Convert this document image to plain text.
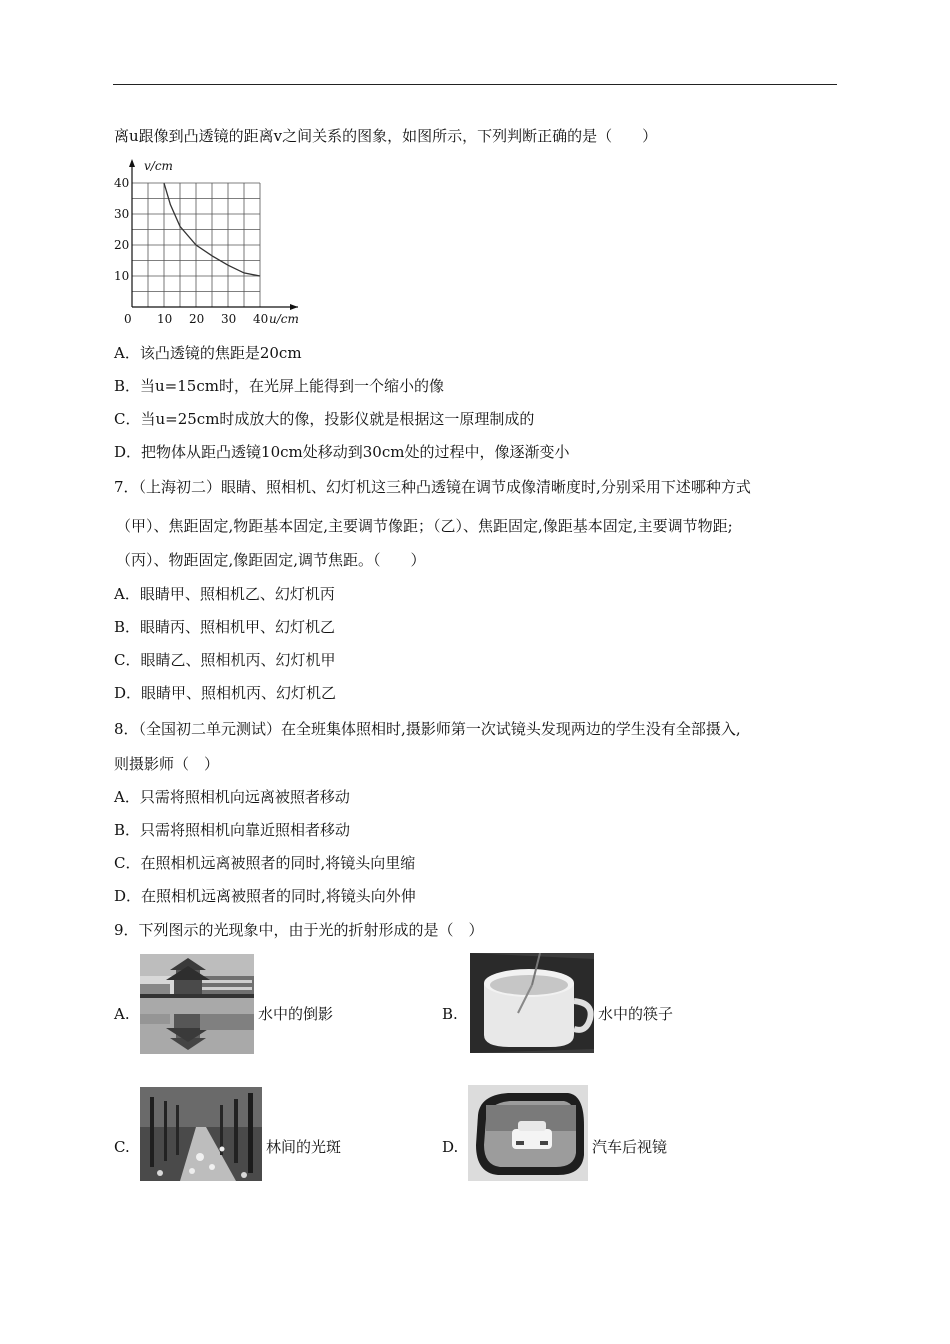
离u跟像到凸透镜的距离v之间关系的图象，如图所示，下列判断正确的是（　　）
0 10 20 30 40
10
20
30
40
v/cm
u/cm
A．该凸透镜的焦距是20cm
B．当u=15cm时，在光屏上能得到一个缩小的像
C．当u=25cm时成放大的像，投影仪就是根据这一原理制成的
D．把物体从距凸透镜10cm处移动到30cm处的过程中，像逐渐变小
7．（上海初二）眼睛、照相机、幻灯机这三种凸透镜在调节成像清晰度时,分别采用下述哪种方式
（甲）、焦距固定,物距基本固定,主要调节像距；（乙）、焦距固定,像距基本固定,主要调节物距;
（丙）、物距固定,像距固定,调节焦距。（　　）
A．眼睛甲、照相机乙、幻灯机丙
B．眼睛丙、照相机甲、幻灯机乙
C．眼睛乙、照相机丙、幻灯机甲
D．眼睛甲、照相机丙、幻灯机乙
8．（全国初二单元测试）在全班集体照相时,摄影师第一次试镜头发现两边的学生没有全部摄入,
则摄影师（　）
A．只需将照相机向远离被照者移动
B．只需将照相机向靠近照相者移动
C．在照相机远离被照者的同时,将镜头向里缩
D．在照相机远离被照者的同时,将镜头向外伸
9．下列图示的光现象中，由于光的折射形成的是（　）
A.	水中的倒影	B.	水中的筷子
C.	林间的光斑	D.	汽车后视镜
